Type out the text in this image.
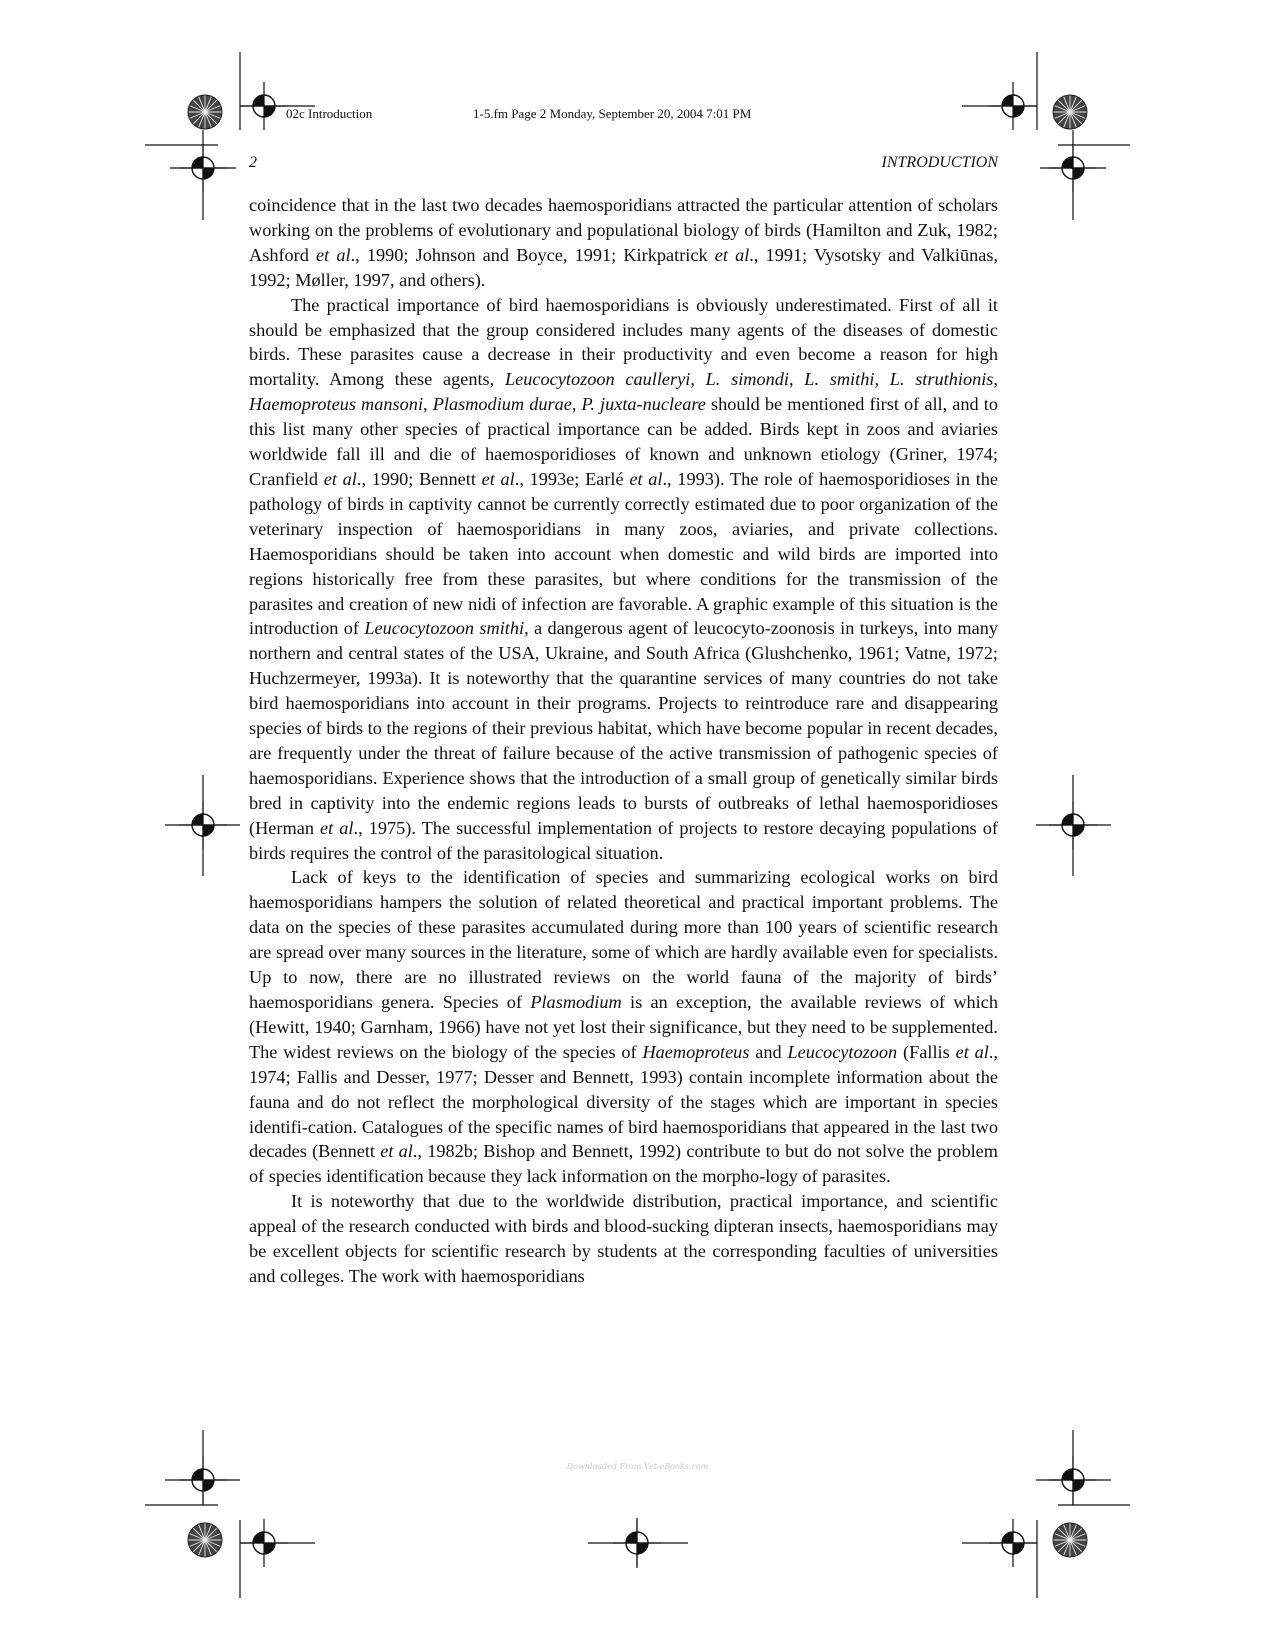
02c Introduction	1-5.fm Page 2 Monday, September 20, 2004 7:01 PM
2	INTRODUCTION

coincidence that in the last two decades haemosporidians attracted the particular attention of scholars working on the problems of evolutionary and populational biology of birds (Hamilton and Zuk, 1982; Ashford et al., 1990; Johnson and Boyce, 1991; Kirkpatrick et al., 1991; Vysotsky and Valkiūnas, 1992; Møller, 1997, and others).

The practical importance of bird haemosporidians is obviously underestimated. First of all it should be emphasized that the group considered includes many agents of the diseases of domestic birds. These parasites cause a decrease in their productivity and even become a reason for high mortality. Among these agents, Leucocytozoon caulleryi, L. simondi, L. smithi, L. struthionis, Haemoproteus mansoni, Plasmodium durae, P. juxta-nucleare should be mentioned first of all, and to this list many other species of practical importance can be added. Birds kept in zoos and aviaries worldwide fall ill and die of haemosporidioses of known and unknown etiology (Griner, 1974; Cranfield et al., 1990; Bennett et al., 1993e; Earlé et al., 1993). The role of haemosporidioses in the pathology of birds in captivity cannot be currently correctly estimated due to poor organization of the veterinary inspection of haemosporidians in many zoos, aviaries, and private collections. Haemosporidians should be taken into account when domestic and wild birds are imported into regions historically free from these parasites, but where conditions for the transmission of the parasites and creation of new nidi of infection are favorable. A graphic example of this situation is the introduction of Leucocytozoon smithi, a dangerous agent of leucocyto-zoonosis in turkeys, into many northern and central states of the USA, Ukraine, and South Africa (Glushchenko, 1961; Vatne, 1972; Huchzermeyer, 1993a). It is noteworthy that the quarantine services of many countries do not take bird haemosporidians into account in their programs. Projects to reintroduce rare and disappearing species of birds to the regions of their previous habitat, which have become popular in recent decades, are frequently under the threat of failure because of the active transmission of pathogenic species of haemosporidians. Experience shows that the introduction of a small group of genetically similar birds bred in captivity into the endemic regions leads to bursts of outbreaks of lethal haemosporidioses (Herman et al., 1975). The successful implementation of projects to restore decaying populations of birds requires the control of the parasitological situation.

Lack of keys to the identification of species and summarizing ecological works on bird haemosporidians hampers the solution of related theoretical and practical important problems. The data on the species of these parasites accumulated during more than 100 years of scientific research are spread over many sources in the literature, some of which are hardly available even for specialists. Up to now, there are no illustrated reviews on the world fauna of the majority of birds’ haemosporidians genera. Species of Plasmodium is an exception, the available reviews of which (Hewitt, 1940; Garnham, 1966) have not yet lost their significance, but they need to be supplemented. The widest reviews on the biology of the species of Haemoproteus and Leucocytozoon (Fallis et al., 1974; Fallis and Desser, 1977; Desser and Bennett, 1993) contain incomplete information about the fauna and do not reflect the morphological diversity of the stages which are important in species identifi-cation. Catalogues of the specific names of bird haemosporidians that appeared in the last two decades (Bennett et al., 1982b; Bishop and Bennett, 1992) contribute to but do not solve the problem of species identification because they lack information on the morpho-logy of parasites.

It is noteworthy that due to the worldwide distribution, practical importance, and scientific appeal of the research conducted with birds and blood-sucking dipteran insects, haemosporidians may be excellent objects for scientific research by students at the corresponding faculties of universities and colleges. The work with haemosporidians

Downloaded From Vet-eBooks.com
